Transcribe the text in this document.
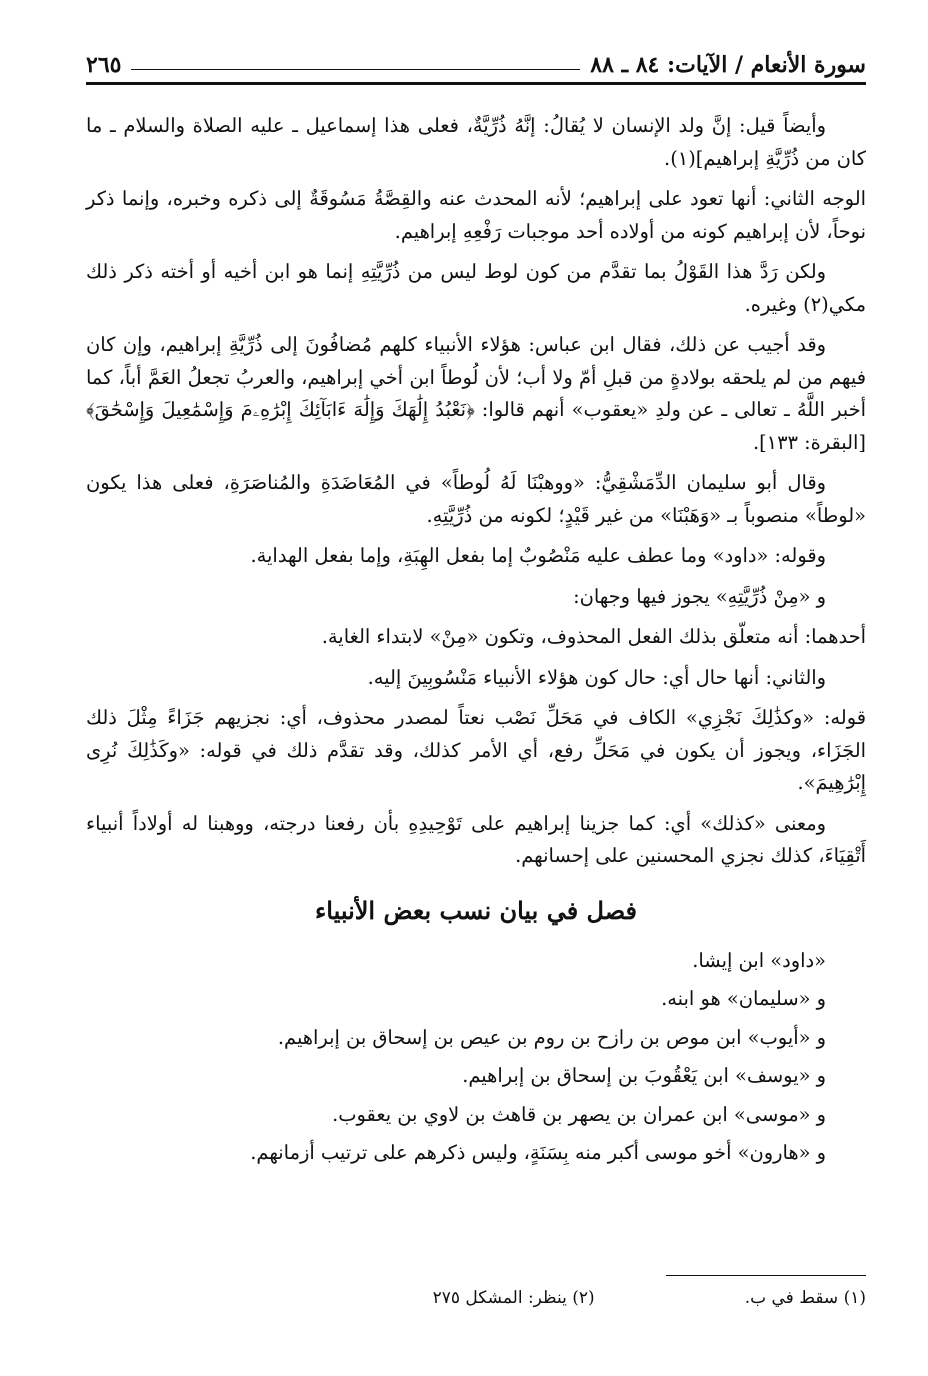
سورة الأنعام / الآيات: ٨٤ ـ ٨٨
٢٦٥

وأيضاً قيل: إنَّ ولد الإنسان لا يُقالُ: إنَّهُ ذُرِّيَّةٌ، فعلى هذا إسماعيل ـ عليه الصلاة والسلام ـ ما كان من ذُرِّيَّةِ إبراهيم](١).

الوجه الثاني: أنها تعود على إبراهيم؛ لأنه المحدث عنه والقِصَّةُ مَسُوقَةٌ إلى ذكره وخبره، وإنما ذكر نوحاً، لأن إبراهيم كونه من أولاده أحد موجبات رَفْعِهِ إبراهيم.

ولكن رَدَّ هذا القَوْلُ بما تقدَّم من كون لوط ليس من ذُرِّيَّتِهِ إنما هو ابن أخيه أو أخته ذكر ذلك مكي(٢) وغيره.

وقد أجيب عن ذلك، فقال ابن عباس: هؤلاء الأنبياء كلهم مُضافُونَ إلى ذُرِّيَّةِ إبراهيم، وإن كان فيهم من لم يلحقه بولادةٍ من قبلِ أمّ ولا أب؛ لأن لُوطاً ابن أخي إبراهيم، والعربُ تجعلُ العَمَّ أباً، كما أخبر اللَّهُ ـ تعالى ـ عن ولدِ «يعقوب» أنهم قالوا: ﴿نَعْبُدُ إِلَٰهَكَ وَإِلَٰهَ ءَابَآئِكَ إِبْرَٰهِۦمَ وَإِسْمَٰعِيلَ وَإِسْحَٰقَ﴾ [البقرة: ١٣٣].

وقال أبو سليمان الدِّمَشْقِيُّ: «ووهبْنَا لَهُ لُوطاً» في المُعَاضَدَةِ والمُناصَرَةِ، فعلى هذا يكون «لوطاً» منصوباً بـ «وَهَبْنَا» من غير قَيْدٍ؛ لكونه من ذُرِّيَّتِهِ.

وقوله: «داود» وما عطف عليه مَنْصُوبٌ إما بفعل الهِبَةِ، وإما بفعل الهداية.

و «مِنْ ذُرِّيَّتِهِ» يجوز فيها وجهان:

أحدهما: أنه متعلّق بذلك الفعل المحذوف، وتكون «مِنْ» لابتداء الغاية.

والثاني: أنها حال أي: حال كون هؤلاء الأنبياء مَنْسُوبِينَ إليه.

قوله: «وكذَٰلِكَ نَجْزِي» الكاف في مَحَلِّ نَصْب نعتاً لمصدر محذوف، أي: نجزيهم جَزَاءً مِثْلَ ذلك الجَزَاء، ويجوز أن يكون في مَحَلِّ رفع، أي الأمر كذلك، وقد تقدَّم ذلك في قوله: «وكَذَٰلِكَ نُرِى إِبْرَٰهِيمَ».

ومعنى «كذلك» أي: كما جزينا إبراهيم على تَوْحِيدِهِ بأن رفعنا درجته، ووهبنا له أولاداً أنبياء أَتْقِيَاءَ، كذلك نجزي المحسنين على إحسانهم.

فصل في بيان نسب بعض الأنبياء

«داود» ابن إيشا.

و «سليمان» هو ابنه.

و «أيوب» ابن موص بن رازح بن روم بن عيص بن إسحاق بن إبراهيم.

و «يوسف» ابن يَعْقُوبَ بن إسحاق بن إبراهيم.

و «موسى» ابن عمران بن يصهر بن قاهث بن لاوي بن يعقوب.

و «هارون» أخو موسى أكبر منه بِسَنَةٍ، وليس ذكرهم على ترتيب أزمانهم.

(١) سقط في ب.
(٢) ينظر: المشكل ٢٧٥
